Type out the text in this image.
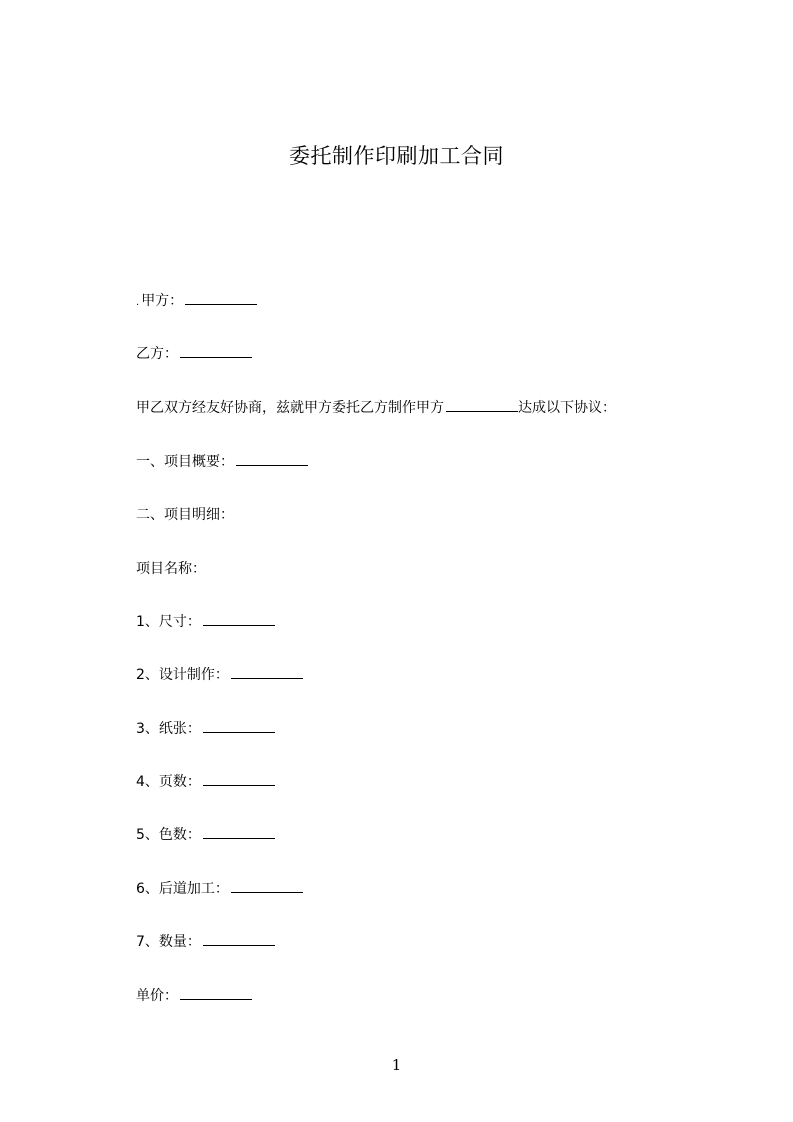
委托制作印刷加工合同
. 甲方：
乙方：
甲乙双方经友好协商，兹就甲方委托乙方制作甲方	达成以下协议：
一、项目概要：
二、项目明细：
项目名称：
1、尺寸：
2、设计制作：
3、纸张：
4、页数：
5、色数：
6、后道加工：
7、数量：
单价：
1
